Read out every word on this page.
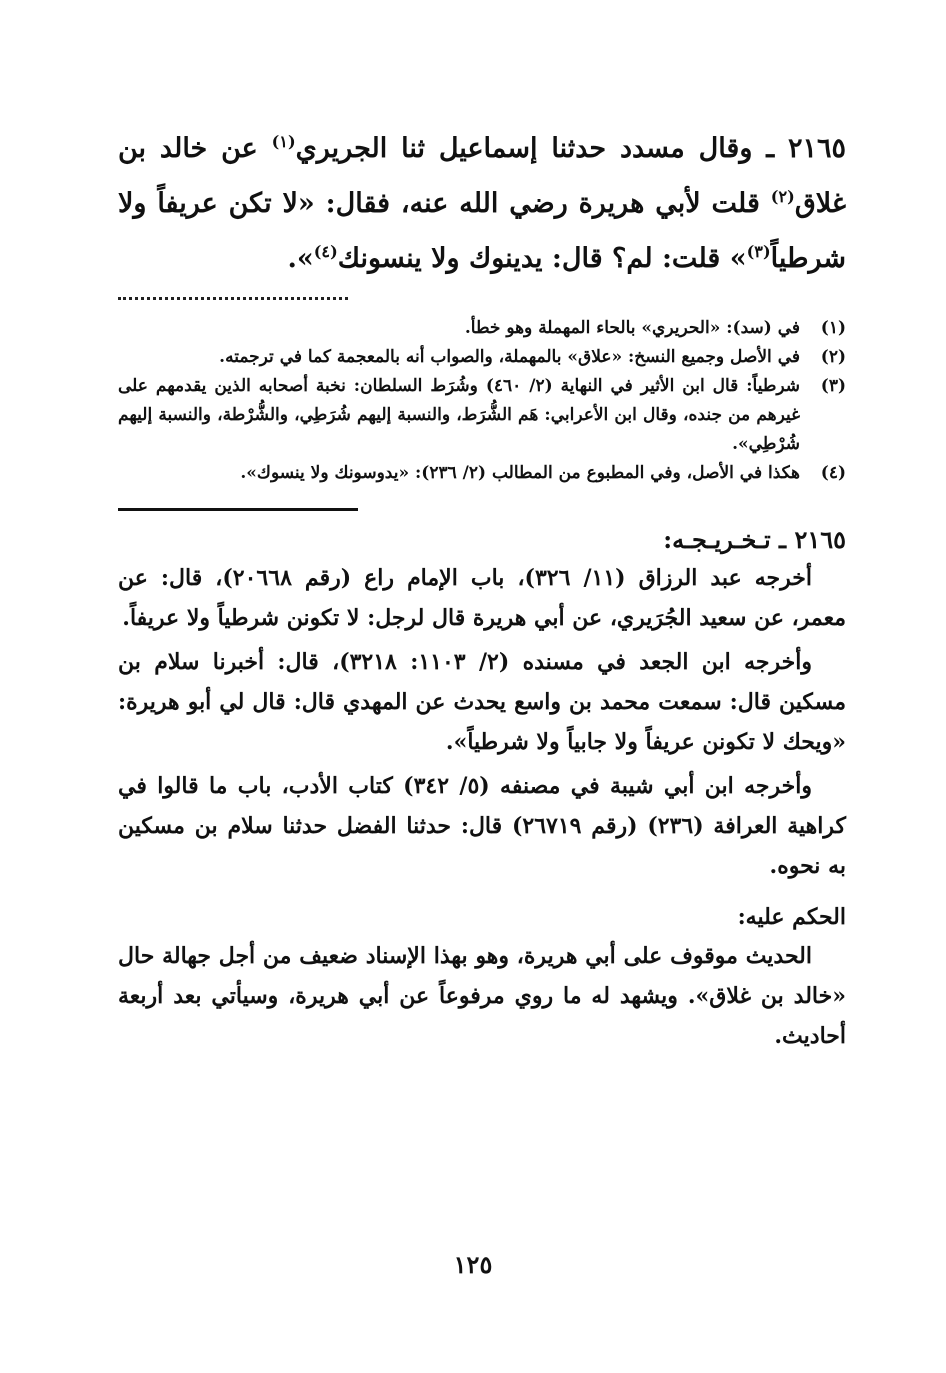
٢١٦٥ ـ وقال مسدد حدثنا إسماعيل ثنا الجريري$^{(١)}$ عن خالد بن غلاق$^{(٢)}$ قلت لأبي هريرة رضي الله عنه، فقال: «لا تكن عريفاً ولا شرطياً$^{(٣)}$» قلت: لم؟ قال: يدينوك ولا ينسونك$^{(٤)}$».

(١)
في (سد): «الحريري» بالحاء المهملة وهو خطأ.
(٢)
في الأصل وجميع النسخ: «علاق» بالمهملة، والصواب أنه بالمعجمة كما في ترجمته.
(٣)
شرطياً: قال ابن الأثير في النهاية (٢/ ٤٦٠) وشُرَط السلطان: نخبة أصحابه الذين يقدمهم على غيرهم من جنده، وقال ابن الأعرابي: هَم الشُّرَط، والنسبة إليهم شُرَطِي، والشُّرْطة، والنسبة إليهم شُرْطِي».
(٤)
هكذا في الأصل، وفي المطبوع من المطالب (٢/ ٢٣٦): «يدوسونك ولا ينسوك».
٢١٦٥ ـ تـخـريـجـه:

أخرجه عبد الرزاق (١١/ ٣٢٦)، باب الإمام راع (رقم ٢٠٦٦٨)، قال: عن معمر، عن سعيد الجُرَيري، عن أبي هريرة قال لرجل: لا تكونن شرطياً ولا عريفاً.

وأخرجه ابن الجعد في مسنده (٢/ ١١٠٣: ٣٢١٨)، قال: أخبرنا سلام بن مسكين قال: سمعت محمد بن واسع يحدث عن المهدي قال: قال لي أبو هريرة: «ويحك لا تكونن عريفاً ولا جابياً ولا شرطياً».

وأخرجه ابن أبي شيبة في مصنفه (٥/ ٣٤٢) كتاب الأدب، باب ما قالوا في كراهية العرافة (٢٣٦) (رقم ٢٦٧١٩) قال: حدثنا الفضل حدثنا سلام بن مسكين به نحوه.

الحكم عليه:

الحديث موقوف على أبي هريرة، وهو بهذا الإسناد ضعيف من أجل جهالة حال «خالد بن غلاق». ويشهد له ما روي مرفوعاً عن أبي هريرة، وسيأتي بعد أربعة أحاديث.

١٢٥
